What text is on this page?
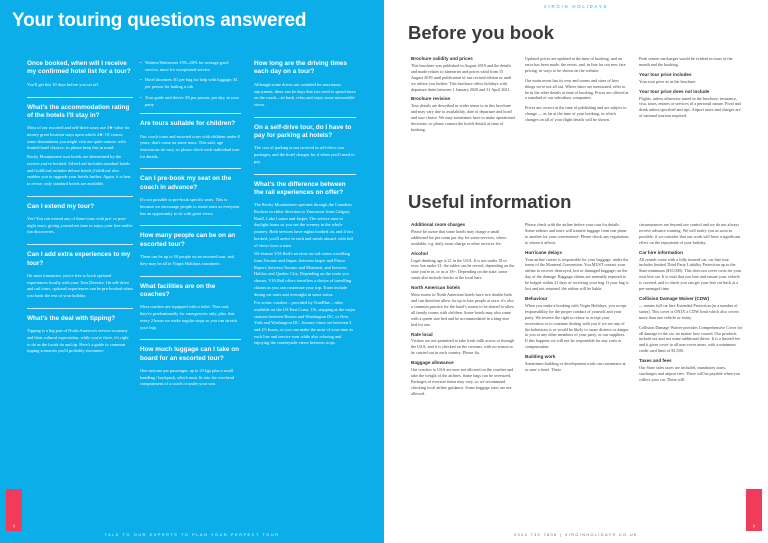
Your touring questions answered
Once booked, when will I receive my confirmed hotel list for a tour?

You'll get this 10 days before you set off.

What's the accommodation rating of the hotels I'll stay in?

Most of our escorted and self-drive tours use 4★ value for money great location stays upon which 4★. Of course, some destinations you might visit are quite remote, with limited hotel choices, so please keep this in mind.

Rocky Mountaineer tour hotels are determined by the service you've booked. SilverLeaf includes standard hotels and GoldLeaf includes deluxe hotels (GoldLeaf also enables you to upgrade your hotels further. Again, it is best to revise, only standard hotels are available.

Can I extend my tour?

Yes! You can extend any of these tours with pre- or post-night stays, giving yourselves time to enjoy your free and/or fun discoveries.

Can I add extra experiences to my tour?

On most itineraries, you're free to book optional experiences locally with your Tour Director. On self-drive and rail tours, optional experiences can be pre-booked when you book the rest of your holiday.

What's the deal with tipping?

Tipping is a big part of North America's service economy and their cultural expectation, while you're there, it's right to do as the locals do and tip. Here's a guide to common tipping scenarios you'll probably encounter:

• Waiters/Waitresses 15%–20% for average good service; more for exceptional service
• Hotel doormen: $1 per bag for help with luggage; $1 per person for hailing a cab
• Tour guide and driver: $5 per person, per day, in your party
Are tours suitable for children?

Our coach tours and escorted tours with children under 8 years; don't come on some tours. This said, age restrictions do vary, so please check each individual tour for details.

Can I pre-book my seat on the coach in advance?

It's not possible to pre-book specific seats. This is because we encourage people to rotate seats so everyone has an opportunity to sit with great views.

How many people can be on an escorted tour?

There can be up to 50 people on an escorted tour, and they may be all in Virgin Holidays customers.

What facilities are on the coaches?

Most coaches are equipped with a toilet. That said, they're predominantly for emergencies only, plus, that every 2 hours we make regular stops so you can stretch your legs.

How much luggage can I take on board for an escorted tour?

One suitcase per passenger, up to 23 kgs plus a small handbag / backpack, which must fit into the overhead compartment of a coach or under your seat.

How long are the driving times each day on a tour?

Although some drives are curtailed for maximum enjoyment, there can be days that you need to spend more on the coach—sit back, relax and enjoy some memorable views.

On a self-drive tour, do I have to pay for parking at hotels?

The cost of parking is not covered in self-drive tour packages, and the hotel charges for it when you'll need to pay.

What's the difference between the rail experiences on offer?

The Rocky Mountaineer operates through the Canadian Rockies in either direction to Vancouver from Calgary, Banff, Lake Louise and Jasper. The service runs in daylight hours so you see the scenery in the whole journey. Both services have nights booked on, and if not booked, you'll arrive in each and meals aboard, with full of views from a train.

We feature VIA Rail's services on rail routes travelling from Toronto and Jasper, between Jasper and Prince Rupert, between Toronto and Montreal, and between Halifax and Quebec City. Depending on the route you choose, VIA Rail offers travellers a choice of travelling classes as you can customize your trip. Tours include dining car seats and overnight in some trains.

For scenic comfort – provided by TrueBlue – rides available on the US East Coast, US, stopping at the major stations between Boston and Washington DC, or New York and Washington DC. Journey times are between 3 and 4½ hours, so you can make the most of your time as each line and service runs while also relaxing and enjoying the countryside views between stops.

‹
TALK TO OUR EXPERTS TO PLAN YOUR PERFECT TOUR
VIRGIN HOLIDAYS
Before you book
Brochure validity and prices

This brochure was published in August 2019 and the details and made relates to itineraries and prices valid from 15 August 2019 until publication of our revised edition or until we advise you further. This brochure offers holidays with departure dates between 1 January 2020 and 31 April 2021.

Brochure revision

Tour details are described in wider terms to in this brochure and may vary due to availability, date of departure and hotel and tour choice. We may sometimes have to make operational decisions, so please contact the hotels details at time of booking.

Updated prices are updated at the time of booking, and an error has been made, the resort, and, in line for our new fare pricing, in ways to be shown on the website.

Our main resort has its own and rooms and sizes of how things we're not all out. Where dates are mentioned, offer to be in the other details at time of booking. Prices are offered at a standard of our subsidiary companies.

Prices are correct at the time of publishing and are subject to change — as far at the time of your booking, in which changes on all of your flight details will be shown.

Peak season surcharges would be evident in tours of the month and the booking.

Your tour price includes

Your tour price as in the brochure.

Your tour price does not include

Flights, unless otherwise stated in the brochure, insurance, visa, taxes, entries or services of a personal nature. Food and drink unless specified and tips. Airport taxes and charges are of national tourism required.

Useful information
Additional room charges

Please be aware that some hotels may charge a small additional fee per room per day for some services, where available, e.g. daily room charge or other services fee.

Alcohol

Legal drinking age is 21 in the USA. It is not under 18 or over, but under 21, the tables can be served, depending on the state you're in, or as is 18+. Depending on the state, some states also include checks at the local bars.

North American hotels

Most rooms in North American hotels have two double beds and can therefore allow for up to four people at once, it's also a common practice for the hotel's rooms to be shared to allow all family rooms with children. Some hotels may also come with a queen size bed and be accommodated in a king-size bed for one.

Rate local

Visitors are not permitted to take fresh milk across or through the USA, and it is checked on the customs, with no reason to be carried out in each country. Please fix.

Baggage allowance

Our coaches to USA are now not allowed on the coaches and take the weight of the airlines. Some bags can be oversized. Packages of oversize items may vary, so we recommend checking local airline guidance. Some baggage sizes are not allowed.

Please check with the airline before your tour for details. Some airlines and tours will transfer luggage from one plane to another for your convenience. Please check any regulations to whom it affects.

Hurricane delays

Your airline carrier is responsible for your baggage, under the terms of the Montreal Convention. You MUST contact your airline to recover destroyed, lost or damaged baggage; on the day of the damage. Baggage claims are normally required to be lodged within 21 days of receiving your bag. If your bag is lost and not returned, the airline will be liable.

Behaviour

When you make a booking with Virgin Holidays, you accept responsibility for the proper conduct of yourself and your party. We reserve the right to refuse to accept your reservation or to continue dealing with you if we see any of the behaviour is or would be likely to cause distress or danger to you or any other members of your party, or our suppliers. If this happens we will not be responsible for any costs or compensation.

Building work

Sometimes building or development work can commence at or near a hotel. These

circumstances are beyond our control and we do not always receive advance warning. We will notify you as soon as possible, if we consider that our work will have a significant effect on the enjoyment of your holiday.

Car hire information

All rentals come with a fully insured car, car hire tour includes limited Third Party Liability Protection up to the State minimum ($35,000). This does not cover costs for your own hire car. It is vital that you hire and ensure your vehicle is covered, and to check you can get your hire car back at a pre-arranged time.

Collision Damage Waiver (CDW)

— means full car hire Extended Protection (in a number of states). This cover is ONLY a CDW limit which also covers more than one vehicle or entity.

Collision Damage Waiver provides Comprehensive Cover for all damage to the car, no matter how caused. Our products include tax and not some additional driver. It is a limited fee and it gives cover to all non-cover areas, with a minimum credit card limit of $1,500.

Taxes and fees

Our State sales taxes are included, mandatory taxes, surcharges and airport fees. These will be payable when you collect your car. These will

›
0344 739 7806 | VIRGINHOLIDAYS.CO.UK
